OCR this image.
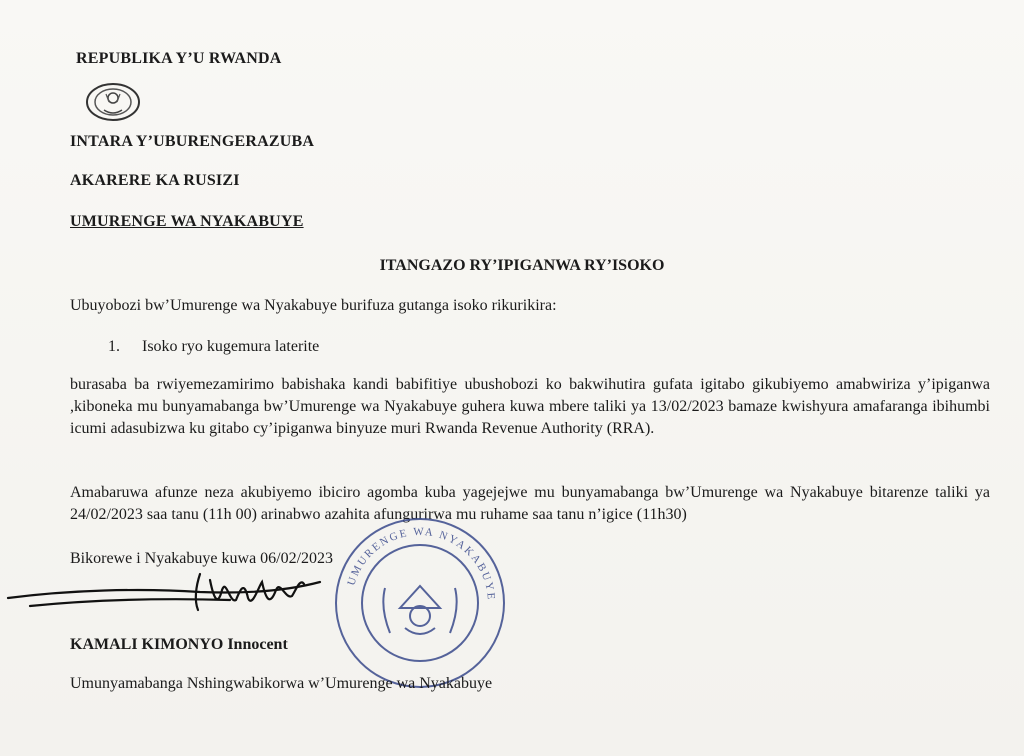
REPUBLIKA Y’U RWANDA
INTARA Y’UBURENGERAZUBA
AKARERE KA RUSIZI
UMURENGE WA NYAKABUYE
ITANGAZO RY’IPIGANWA RY’ISOKO
Ubuyobozi bw’Umurenge wa Nyakabuye burifuza gutanga isoko rikurikira:
1. Isoko ryo kugemura laterite
burasaba ba rwiyemezamirimo babishaka kandi babifitiye ubushobozi ko bakwihutira gufata igitabo gikubiyemo amabwiriza y’ipiganwa ,kiboneka mu bunyamabanga bw’Umurenge wa Nyakabuye guhera kuwa mbere taliki ya 13/02/2023 bamaze kwishyura amafaranga ibihumbi icumi adasubizwa ku gitabo cy’ipiganwa binyuze muri Rwanda Revenue Authority (RRA).
Amabaruwa afunze neza akubiyemo ibiciro agomba kuba yagejejwe mu bunyamabanga bw’Umurenge wa Nyakabuye bitarenze taliki ya 24/02/2023 saa tanu (11h 00) arinabwo azahita afungurirwa mu ruhame saa tanu n’igice (11h30)
Bikorewe i Nyakabuye kuwa 06/02/2023
UMURENGE WA NYAKABUYE
KAMALI KIMONYO Innocent
Umunyamabanga Nshingwabikorwa w’Umurenge wa Nyakabuye
